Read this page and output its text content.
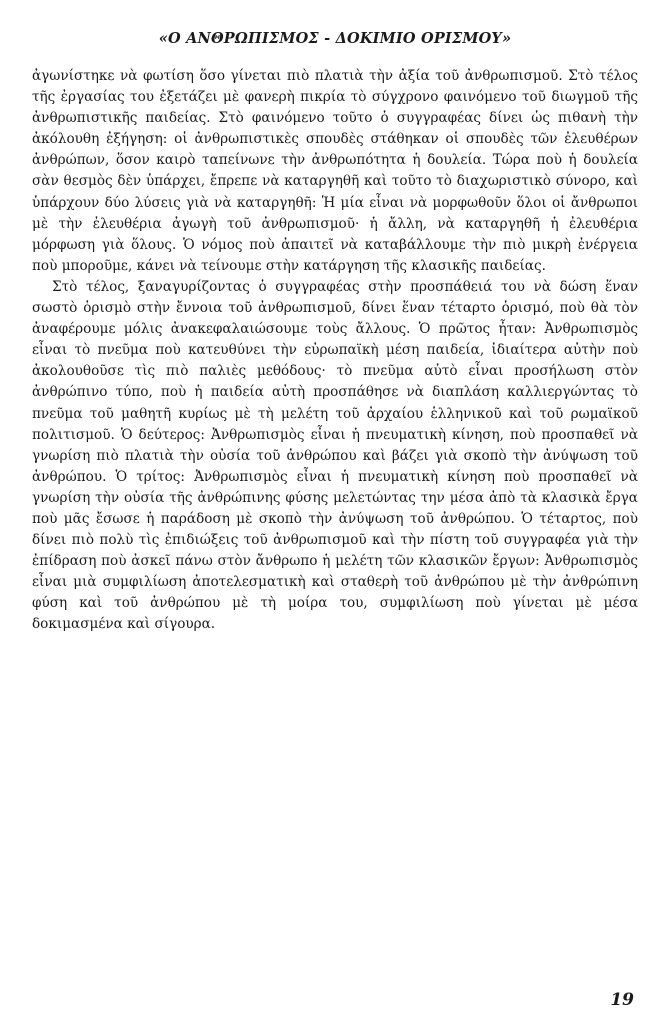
«Ο ΑΝΘΡΩΠΙΣΜΟΣ - ΔΟΚΙΜΙΟ ΟΡΙΣΜΟΥ»

ἀγωνίστηκε νὰ φωτίση ὅσο γίνεται πιὸ πλατιὰ τὴν ἀξία τοῦ ἀνθρωπισμοῦ. Στὸ τέλος τῆς ἐργασίας του ἐξετάζει μὲ φανερὴ πικρία τὸ σύγχρονο φαινόμενο τοῦ διωγμοῦ τῆς ἀνθρωπιστικῆς παιδείας. Στὸ φαινόμενο τοῦτο ὁ συγγραφέας δίνει ὡς πιθανὴ τὴν ἀκόλουθη ἐξήγηση: οἱ ἀνθρωπιστικὲς σπουδὲς στάθηκαν οἱ σπουδὲς τῶν ἐλευθέρων ἀνθρώπων, ὅσον καιρὸ ταπείνωνε τὴν ἀνθρωπότητα ἡ δουλεία. Τώρα ποὺ ἡ δουλεία σὰν θεσμὸς δὲν ὑπάρχει, ἔπρεπε νὰ καταργηθῆ καὶ τοῦτο τὸ διαχωριστικὸ σύνορο, καὶ ὑπάρχουν δύο λύσεις γιὰ νὰ καταργηθῆ: Ἡ μία εἶναι νὰ μορφωθοῦν ὅλοι οἱ ἄνθρωποι μὲ τὴν ἐλευθέρια ἀγωγὴ τοῦ ἀνθρωπισμοῦ· ἡ ἄλλη, νὰ καταργηθῆ ἡ ἐλευθέρια μόρφωση γιὰ ὅλους. Ὁ νόμος ποὺ ἀπαιτεῖ νὰ καταβάλλουμε τὴν πιὸ μικρὴ ἐνέργεια ποὺ μποροῦμε, κάνει νὰ τείνουμε στὴν κατάργηση τῆς κλασικῆς παιδείας.

Στὸ τέλος, ξαναγυρίζοντας ὁ συγγραφέας στὴν προσπάθειά του νὰ δώση ἕναν σωστὸ ὁρισμὸ στὴν ἔννοια τοῦ ἀνθρωπισμοῦ, δίνει ἕναν τέταρτο ὁρισμό, ποὺ θὰ τὸν ἀναφέρουμε μόλις ἀνακεφαλαιώσουμε τοὺς ἄλλους. Ὁ πρῶτος ἦταν: Ἀνθρωπισμὸς εἶναι τὸ πνεῦμα ποὺ κατευθύνει τὴν εὐρωπαϊκὴ μέση παιδεία, ἰδιαίτερα αὐτὴν ποὺ ἀκολουθοῦσε τὶς πιὸ παλιὲς μεθόδους· τὸ πνεῦμα αὐτὸ εἶναι προσήλωση στὸν ἀνθρώπινο τύπο, ποὺ ἡ παιδεία αὐτὴ προσπάθησε νὰ διαπλάση καλλιεργώντας τὸ πνεῦμα τοῦ μαθητῆ κυρίως μὲ τὴ μελέτη τοῦ ἀρχαίου ἑλληνικοῦ καὶ τοῦ ρωμαϊκοῦ πολιτισμοῦ. Ὁ δεύτερος: Ἀνθρωπισμὸς εἶναι ἡ πνευματικὴ κίνηση, ποὺ προσπαθεῖ νὰ γνωρίση πιὸ πλατιὰ τὴν οὐσία τοῦ ἀνθρώπου καὶ βάζει γιὰ σκοπὸ τὴν ἀνύψωση τοῦ ἀνθρώπου. Ὁ τρίτος: Ἀνθρωπισμὸς εἶναι ἡ πνευματικὴ κίνηση ποὺ προσπαθεῖ νὰ γνωρίση τὴν οὐσία τῆς ἀνθρώπινης φύσης μελετώντας την μέσα ἀπὸ τὰ κλασικὰ ἔργα ποὺ μᾶς ἔσωσε ἡ παράδοση μὲ σκοπὸ τὴν ἀνύψωση τοῦ ἀνθρώπου. Ὁ τέταρτος, ποὺ δίνει πιὸ πολὺ τὶς ἐπιδιώξεις τοῦ ἀνθρωπισμοῦ καὶ τὴν πίστη τοῦ συγγραφέα γιὰ τὴν ἐπίδραση ποὺ ἀσκεῖ πάνω στὸν ἄνθρωπο ἡ μελέτη τῶν κλασικῶν ἔργων: Ἀνθρωπισμὸς εἶναι μιὰ συμφιλίωση ἀποτελεσματικὴ καὶ σταθερὴ τοῦ ἀνθρώπου μὲ τὴν ἀνθρώπινη φύση καὶ τοῦ ἀνθρώπου μὲ τὴ μοίρα του, συμφιλίωση ποὺ γίνεται μὲ μέσα δοκιμασμένα καὶ σίγουρα.

19
